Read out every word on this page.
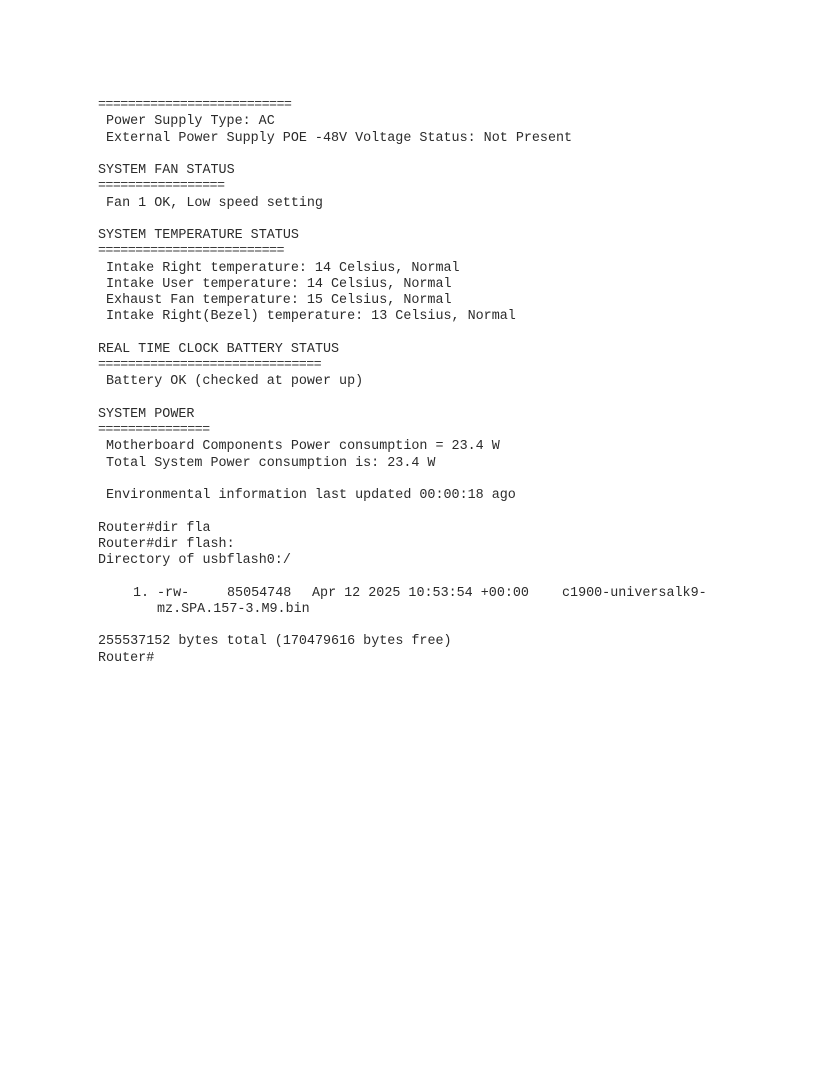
==========================
Power Supply Type: AC
External Power Supply POE -48V Voltage Status: Not Present
SYSTEM FAN STATUS
=================
Fan 1 OK, Low speed setting
SYSTEM TEMPERATURE STATUS
=========================
Intake Right temperature: 14 Celsius, Normal
Intake User temperature: 14 Celsius, Normal
Exhaust Fan temperature: 15 Celsius, Normal
Intake Right(Bezel) temperature: 13 Celsius, Normal
REAL TIME CLOCK BATTERY STATUS
==============================
Battery OK (checked at power up)
SYSTEM POWER
===============
Motherboard Components Power consumption = 23.4 W
Total System Power consumption is: 23.4 W
Environmental information last updated 00:00:18 ago
Router#dir fla
Router#dir flash:
Directory of usbflash0:/
1. -rw-	85054748 Apr 12 2025 10:53:54 +00:00 c1900-universalk9-
mz.SPA.157-3.M9.bin
255537152 bytes total (170479616 bytes free)
Router#
